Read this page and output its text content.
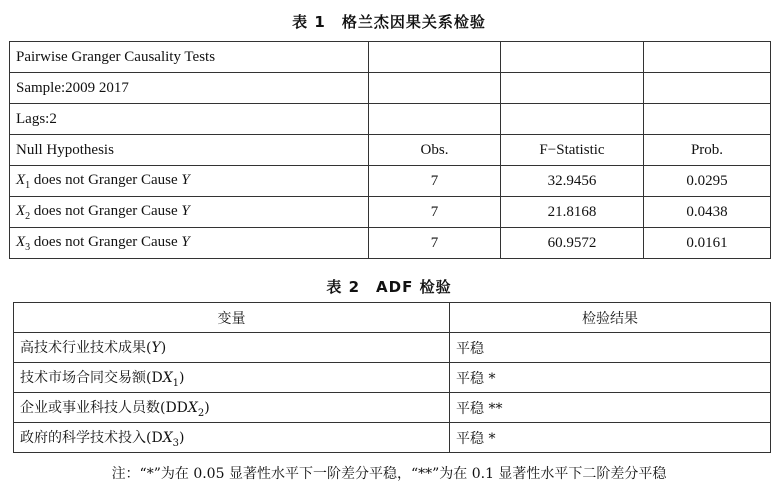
表 1　格兰杰因果关系检验
Pairwise Granger Causality Tests			
Sample:2009 2017			
Lags:2			
Null Hypothesis	Obs.	F−Statistic	Prob.
$X_1$ does not Granger Cause Y	7	32.9456	0.0295
$X_2$ does not Granger Cause Y	7	21.8168	0.0438
$X_3$ does not Granger Cause Y	7	60.9572	0.0161
表 2　ADF 检验
变量	检验结果
高技术行业技术成果(Y)	平稳
技术市场合同交易额$(DX_1)$	平稳 *
企业或事业科技人员数$(DDX_2)$	平稳 **
政府的科学技术投入$(DX_3)$	平稳 *
注：“*”为在 0.05 显著性水平下一阶差分平稳，“**”为在 0.1 显著性水平下二阶差分平稳
